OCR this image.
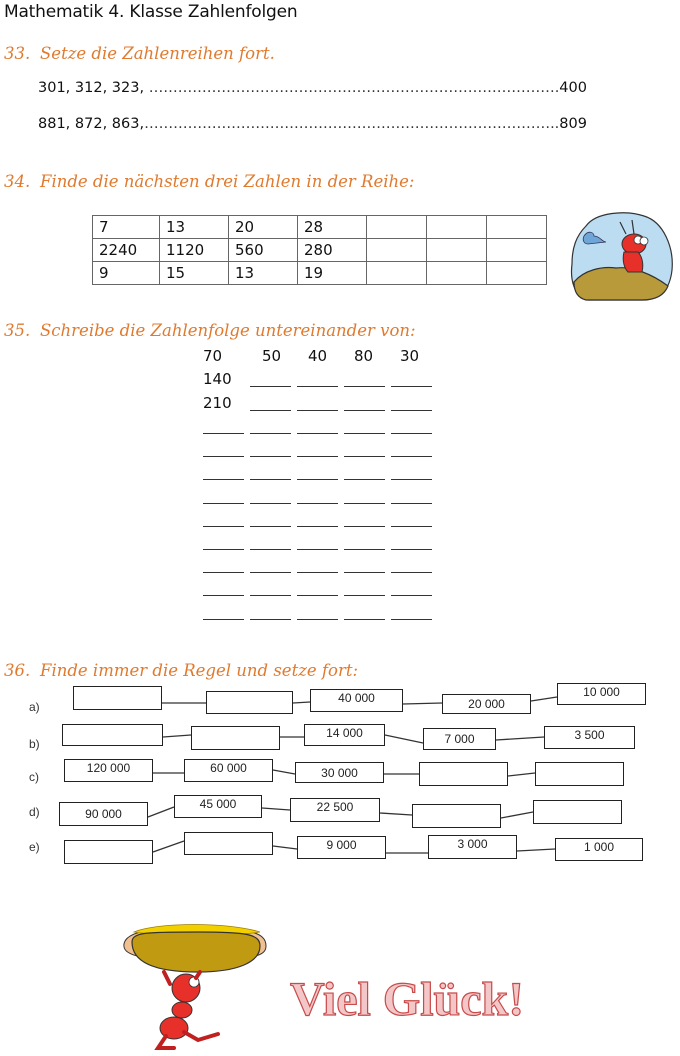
Mathematik 4. Klasse Zahlenfolgen
33. Setze die Zahlenreihen fort.
301, 312, 323, ………………………………………………………………………….400
881, 872, 863,…………………………………………………………………………..809
34. Finde die nächsten drei Zahlen in der Reihe:
7	13	20	28			
2240	1120	560	280			
9	15	13	19			
35. Schreibe die Zahlenfolge untereinander von:
70	50 40 80 30
140
210
36. Finde immer die Regel und setze fort:
a)
b)
c)
d)
e)
40 000	20 000
10 000
14 000	7 000	3 500
120 000	60 000	30 000
90 000
45 000	22 500
9 000	3 000	1 000
Viel Glück!
